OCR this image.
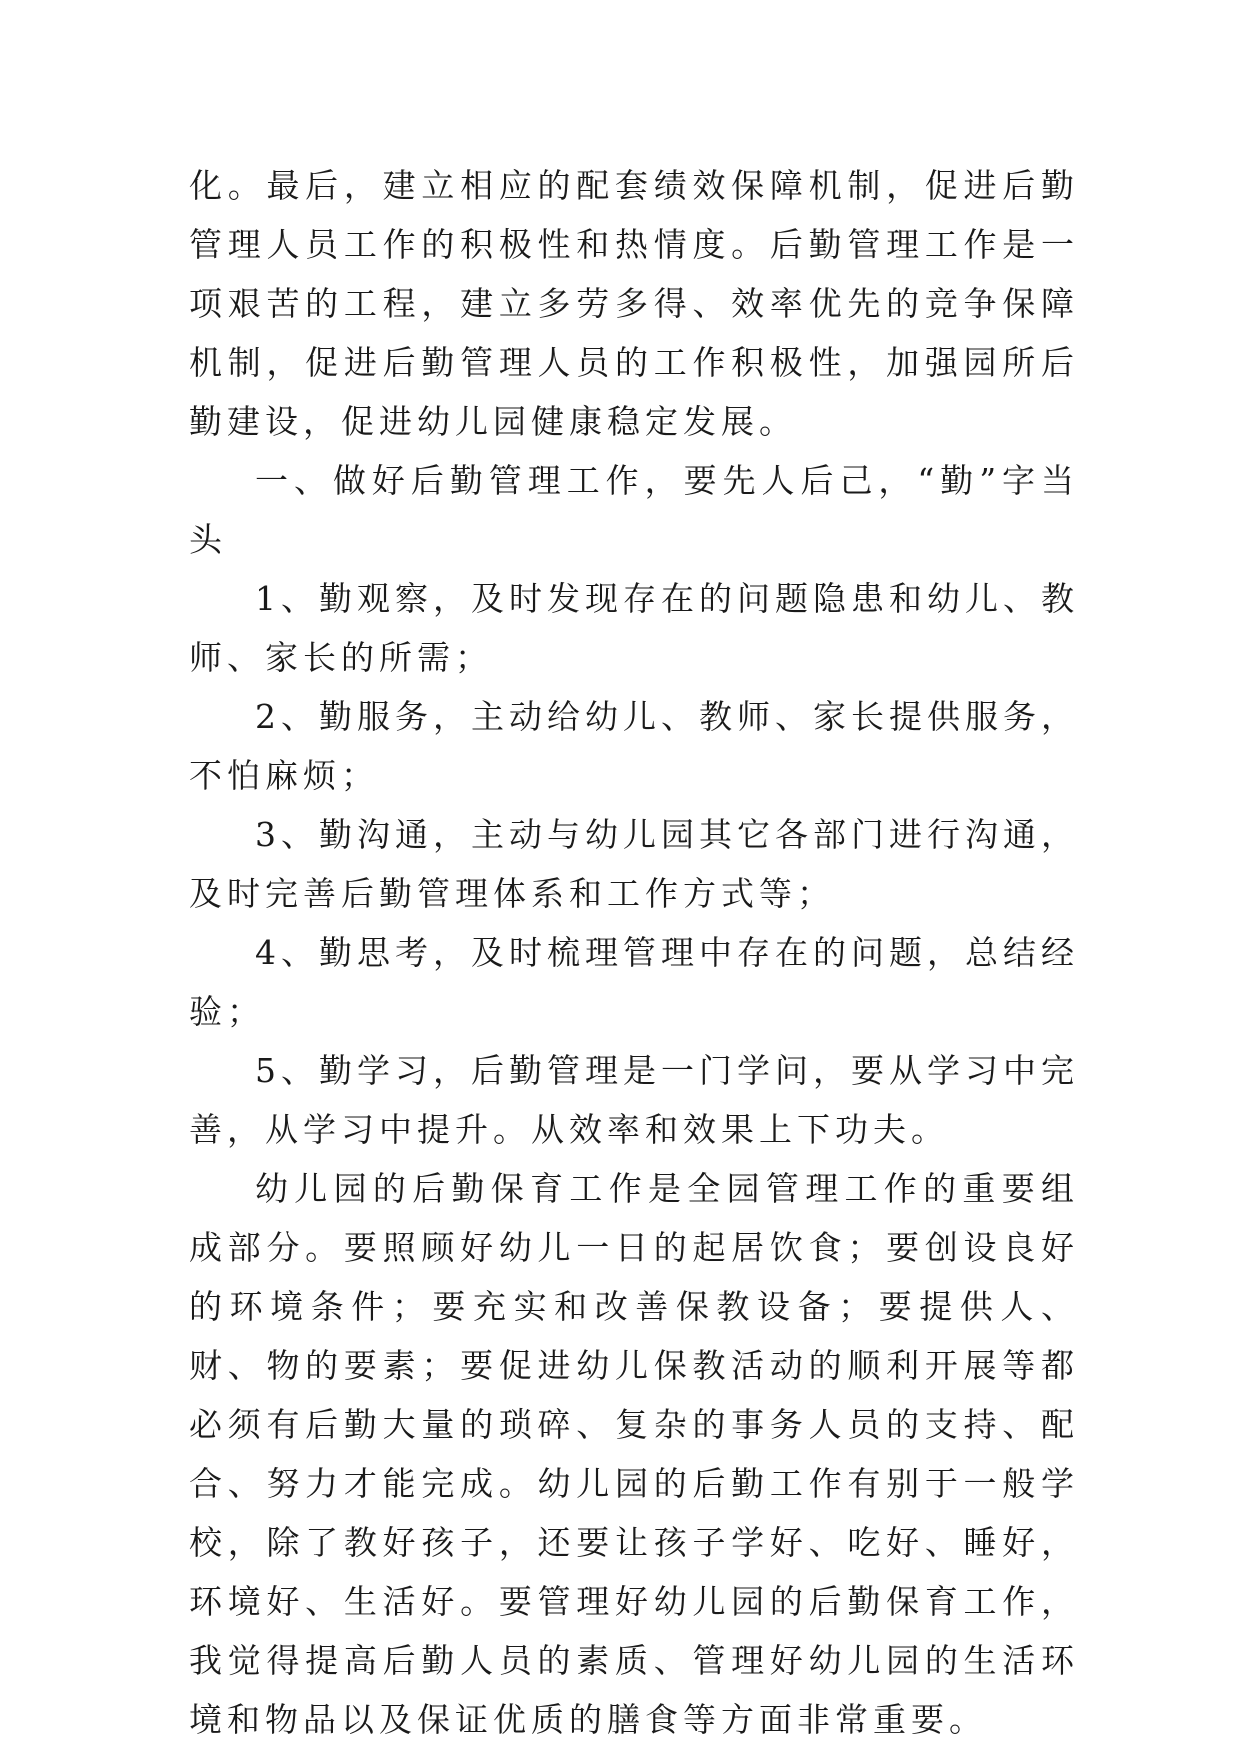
化。最后，建立相应的配套绩效保障机制，促进后勤管理人员工作的积极性和热情度。后勤管理工作是一项艰苦的工程，建立多劳多得、效率优先的竞争保障机制，促进后勤管理人员的工作积极性，加强园所后勤建设，促进幼儿园健康稳定发展。

一、做好后勤管理工作，要先人后己，“勤”字当头

1、勤观察，及时发现存在的问题隐患和幼儿、教师、家长的所需；

2、勤服务，主动给幼儿、教师、家长提供服务，不怕麻烦；

3、勤沟通，主动与幼儿园其它各部门进行沟通，及时完善后勤管理体系和工作方式等；

4、勤思考，及时梳理管理中存在的问题，总结经验；

5、勤学习，后勤管理是一门学问，要从学习中完善，从学习中提升。从效率和效果上下功夫。

幼儿园的后勤保育工作是全园管理工作的重要组成部分。要照顾好幼儿一日的起居饮食；要创设良好的环境条件；要充实和改善保教设备；要提供人、财、物的要素；要促进幼儿保教活动的顺利开展等都必须有后勤大量的琐碎、复杂的事务人员的支持、配合、努力才能完成。幼儿园的后勤工作有别于一般学校，除了教好孩子，还要让孩子学好、吃好、睡好，环境好、生活好。要管理好幼儿园的后勤保育工作，我觉得提高后勤人员的素质、管理好幼儿园的生活环境和物品以及保证优质的膳食等方面非常重要。
